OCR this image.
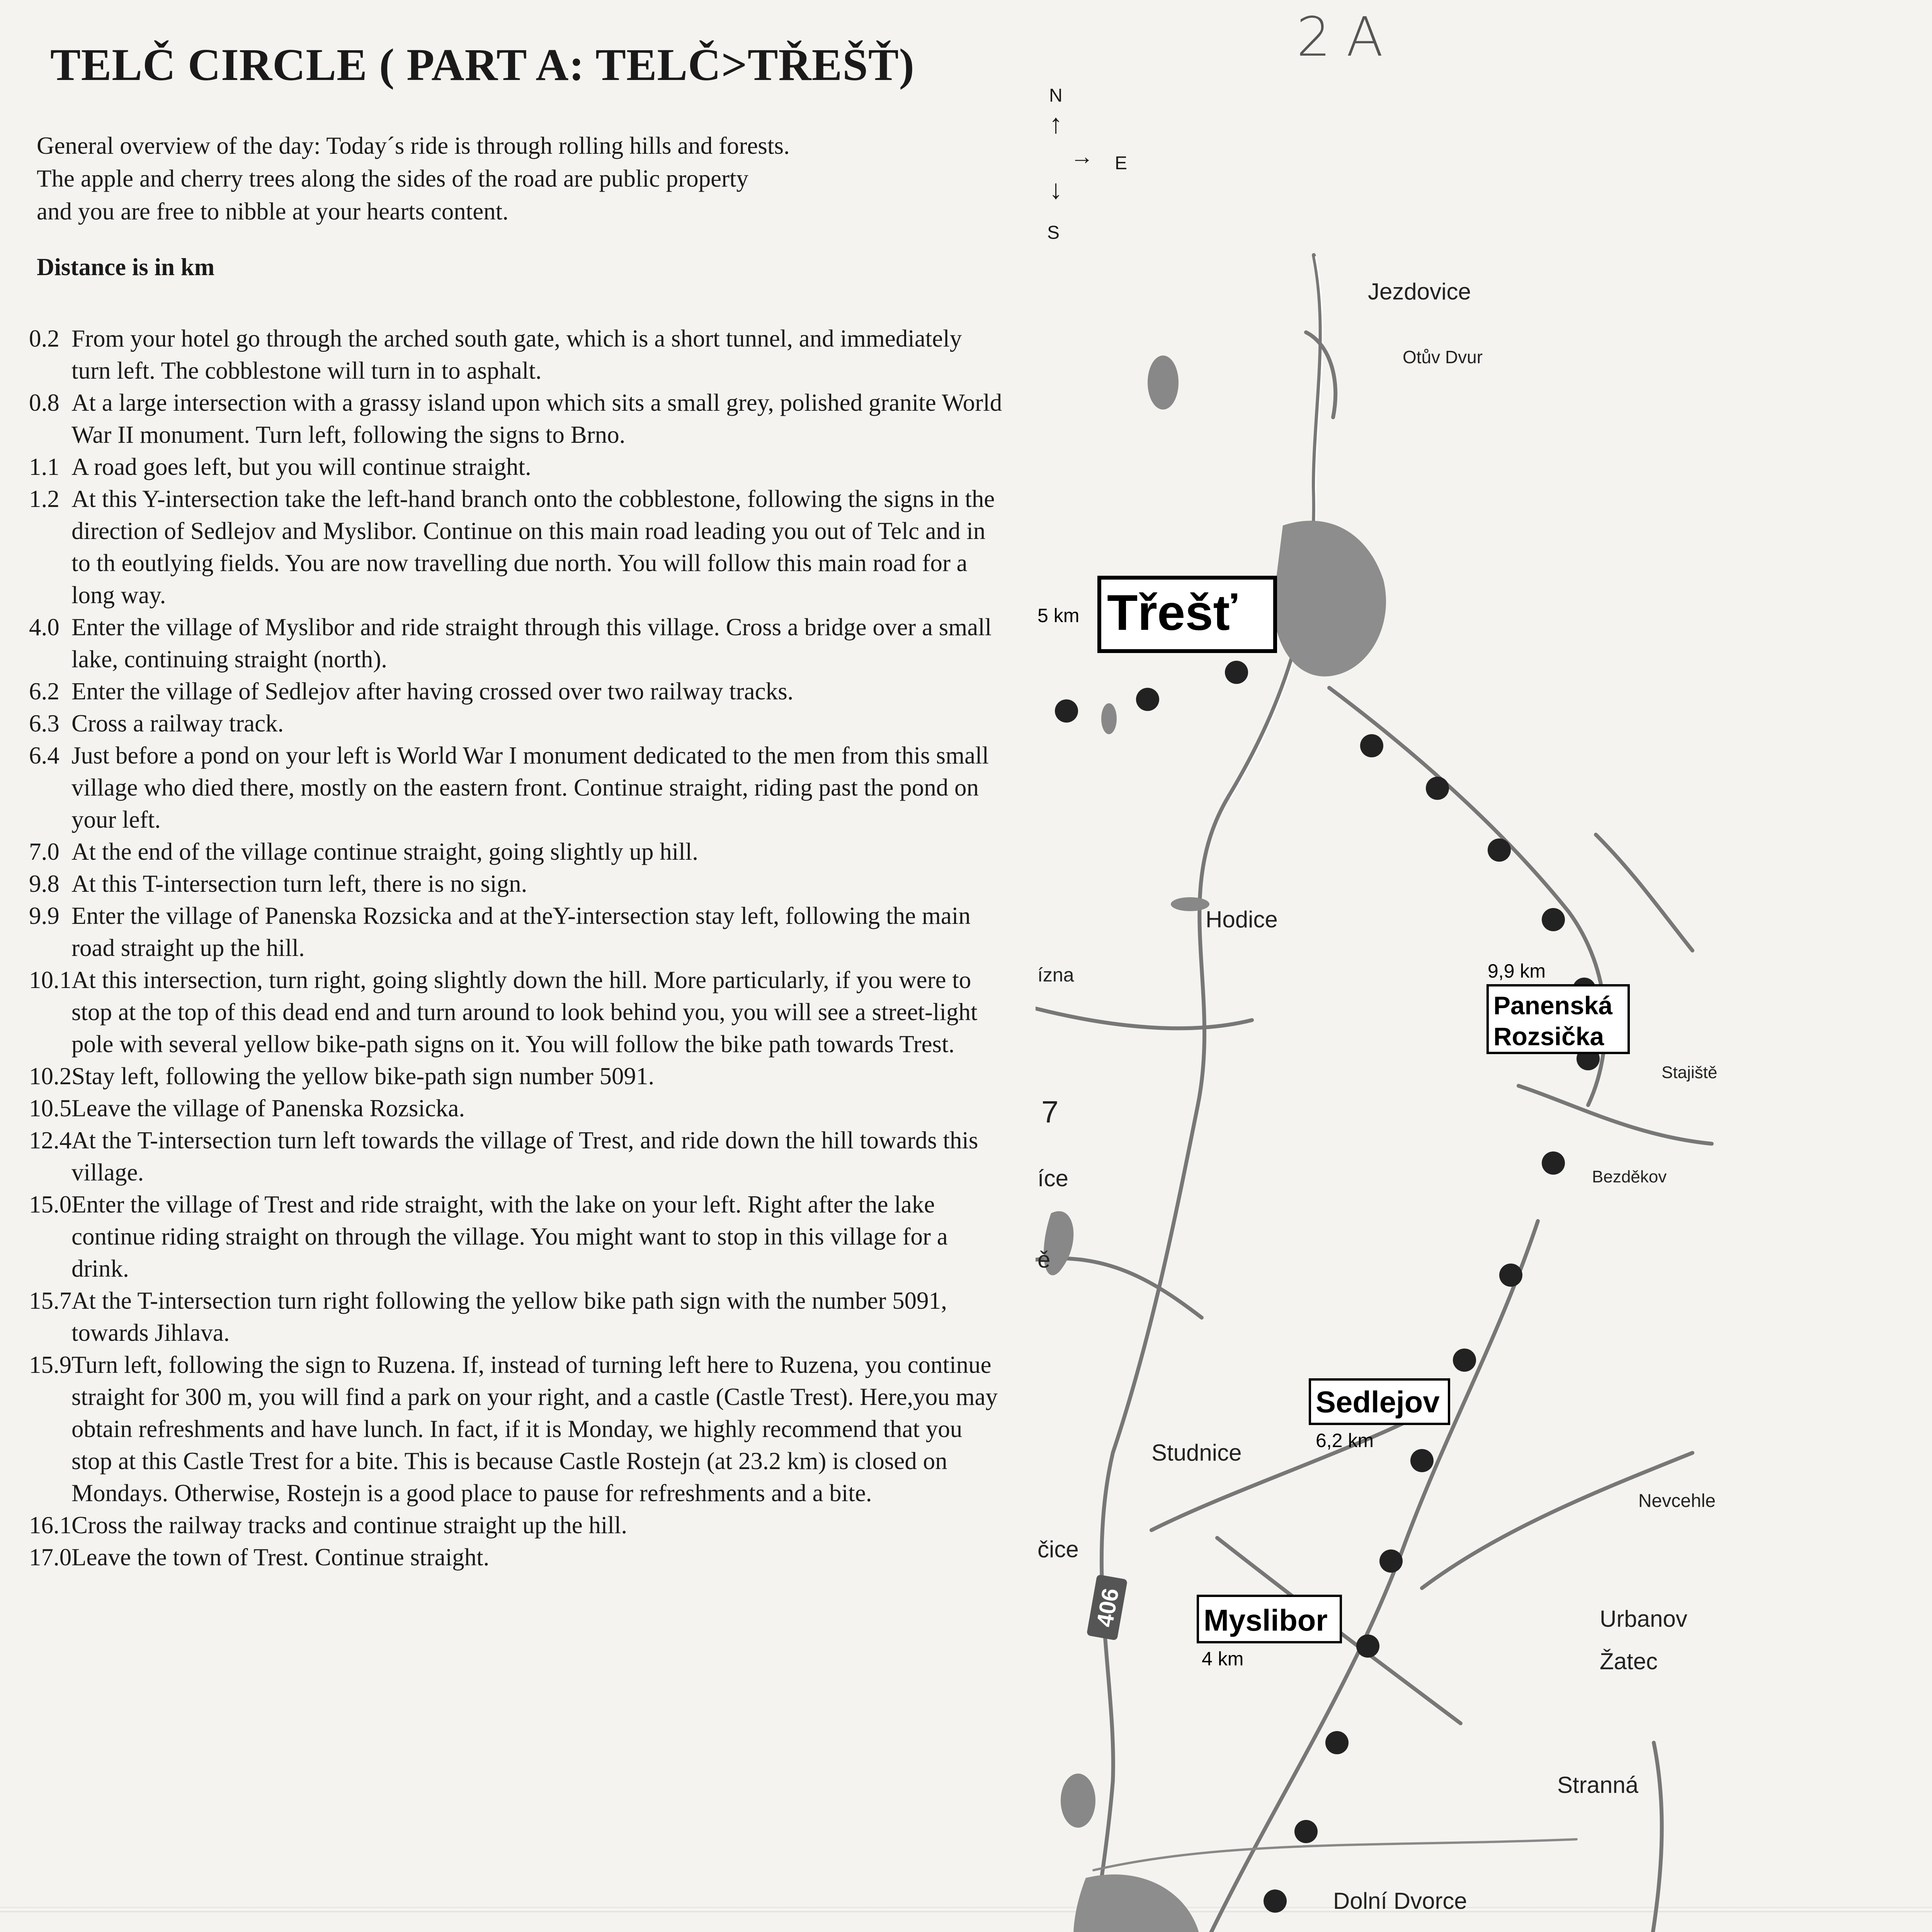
2A
TELČ CIRCLE ( PART A: TELČ>TŘEŠŤ)
General overview of the day: Today´s ride is through rolling hills and forests.
The apple and cherry trees along the sides of the road are public property
and you are free to nibble at your hearts content.
Distance is in km
0.2 From your hotel go through the arched south gate, which is a short tunnel, and immediately turn left. The cobblestone will turn in to asphalt.
0.8 At a large intersection with a grassy island upon which sits a small grey, polished granite World War II monument. Turn left, following the signs to Brno.
1.1 A road goes left, but you will continue straight.
1.2 At this Y-intersection take the left-hand branch onto the cobblestone, following the signs in the direction of Sedlejov and Myslibor. Continue on this main road leading you out of Telc and in to th eoutlying fields. You are now travelling due north. You will follow this main road for a long way.
4.0 Enter the village of Myslibor and ride straight through this village. Cross a bridge over a small lake, continuing straight (north).
6.2 Enter the village of Sedlejov after having crossed over two railway tracks.
6.3 Cross a railway track.
6.4 Just before a pond on your left is World War I monument dedicated to the men from this small village who died there, mostly on the eastern front. Continue straight, riding past the pond on your left.
7.0 At the end of the village continue straight, going slightly up hill.
9.8 At this T-intersection turn left, there is no sign.
9.9 Enter the village of Panenska Rozsicka and at theY-intersection stay left, following the main road straight up the hill.
10.1 At this intersection, turn right, going slightly down the hill. More particularly, if you were to stop at the top of this dead end and turn around to look behind you, you will see a street-light pole with several yellow bike-path signs on it. You will follow the bike path towards Trest.
10.2 Stay left, following the yellow bike-path sign number 5091.
10.5 Leave the village of Panenska Rozsicka.
12.4 At the T-intersection turn left towards the village of Trest, and ride down the hill towards this village.
15.0 Enter the village of Trest and ride straight, with the lake on your left. Right after the lake continue riding straight on through the village. You might want to stop in this village for a drink.
15.7 At the T-intersection turn right following the yellow bike path sign with the number 5091, towards Jihlava.
15.9 Turn left, following the sign to Ruzena. If, instead of turning left here to Ruzena, you continue straight for 300 m, you will find a park on your right, and a castle (Castle Trest). Here,you may obtain refreshments and have lunch. In fact, if it is Monday, we highly recommend that you stop at this Castle Trest for a bite. This is because Castle Rostejn (at 23.2 km) is closed on Mondays. Otherwise, Rostejn is a good place to pause for refreshments and a bite.
16.1 Cross the railway tracks and continue straight up the hill.
17.0 Leave the town of Trest. Continue straight.
N
↑
→ E
↓
S
5 km Třešť
9,9 km
Panenská
Rozsička
Sedlejov
6,2 km
Myslibor
4 km
Jezdovice
Otův Dvur
Hodice
Stajiště
Bezděkov
Studnice
Nevcehle
Urbanov
Žatec
Stranná
Dolní Dvorce
ízna
íce
čice
ě
7
406
